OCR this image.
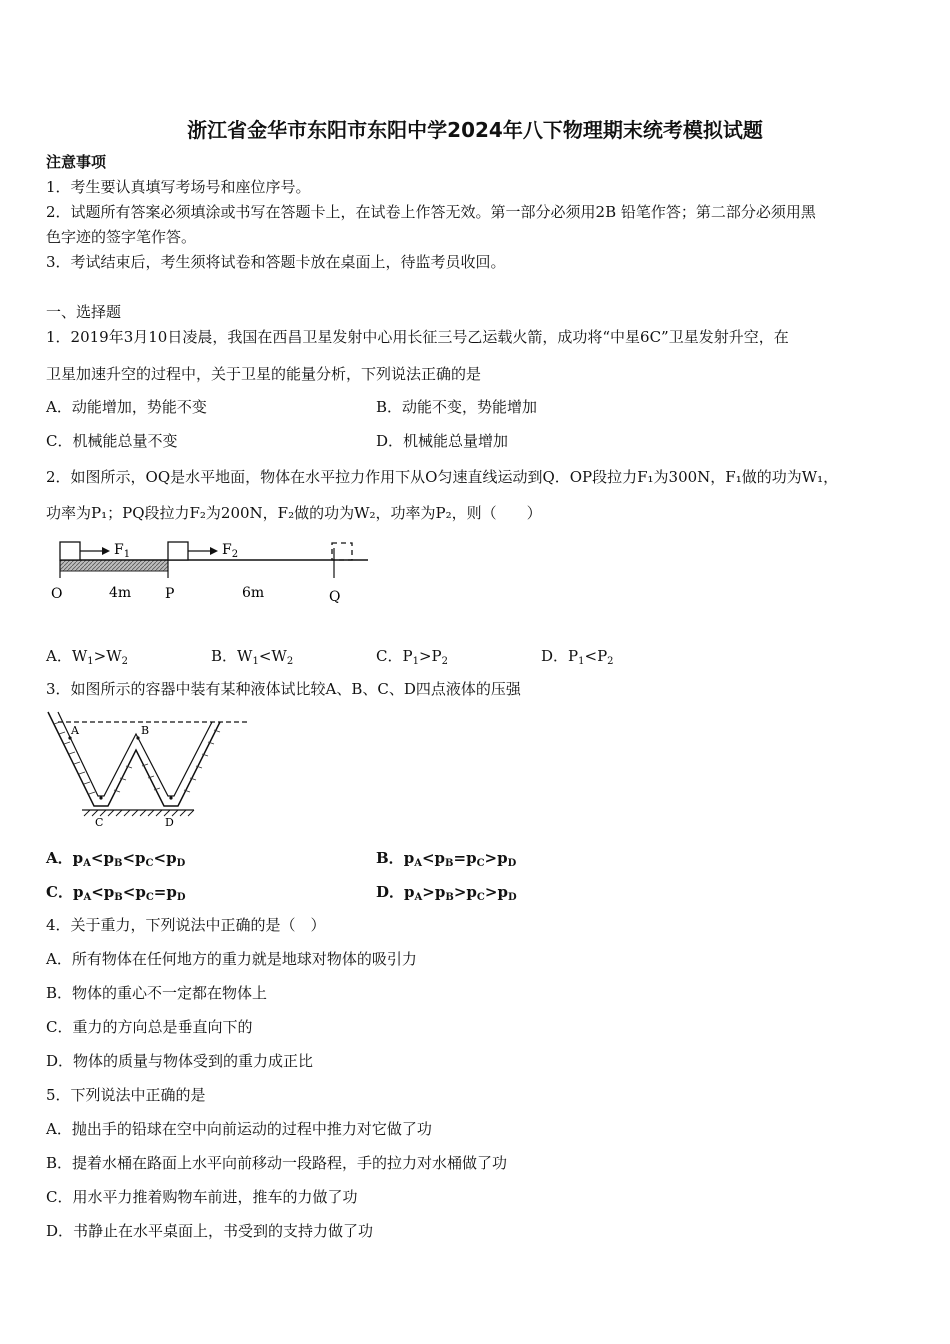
浙江省金华市东阳市东阳中学2024年八下物理期末统考模拟试题
注意事项
1．考生要认真填写考场号和座位序号。
2．试题所有答案必须填涂或书写在答题卡上，在试卷上作答无效。第一部分必须用2B 铅笔作答；第二部分必须用黑
色字迹的签字笔作答。
3．考试结束后，考生须将试卷和答题卡放在桌面上，待监考员收回。
一、选择题
1．2019年3月10日凌晨，我国在西昌卫星发射中心用长征三号乙运载火箭，成功将“中星6C”卫星发射升空，在
卫星加速升空的过程中，关于卫星的能量分析，下列说法正确的是
A．动能增加，势能不变	B．动能不变，势能增加
C．机械能总量不变	D．机械能总量增加
2．如图所示，OQ是水平地面，物体在水平拉力作用下从O匀速直线运动到Q．OP段拉力F₁为300N，F₁做的功为W₁，
功率为P₁；PQ段拉力F₂为200N，F₂做的功为W₂，功率为P₂，则（　　）
$F_1$	$F_2$
O	4m P	6m	Q
A．$W_1>W_2$	B．$W_1<W_2$	C．$P_1>P_2$	D．$P_1<P_2$
3．如图所示的容器中装有某种液体试比较A、B、C、D四点液体的压强
A	B
C	D
A．$p_A<p_B<p_C<p_D$	B．$p_A<p_B=p_C>p_D$
C．$p_A<p_B<p_C=p_D$	D．$p_A>p_B>p_C>p_D$
4．关于重力，下列说法中正确的是（　）
A．所有物体在任何地方的重力就是地球对物体的吸引力
B．物体的重心不一定都在物体上
C．重力的方向总是垂直向下的
D．物体的质量与物体受到的重力成正比
5．下列说法中正确的是
A．抛出手的铅球在空中向前运动的过程中推力对它做了功
B．提着水桶在路面上水平向前移动一段路程，手的拉力对水桶做了功
C．用水平力推着购物车前进，推车的力做了功
D．书静止在水平桌面上，书受到的支持力做了功
